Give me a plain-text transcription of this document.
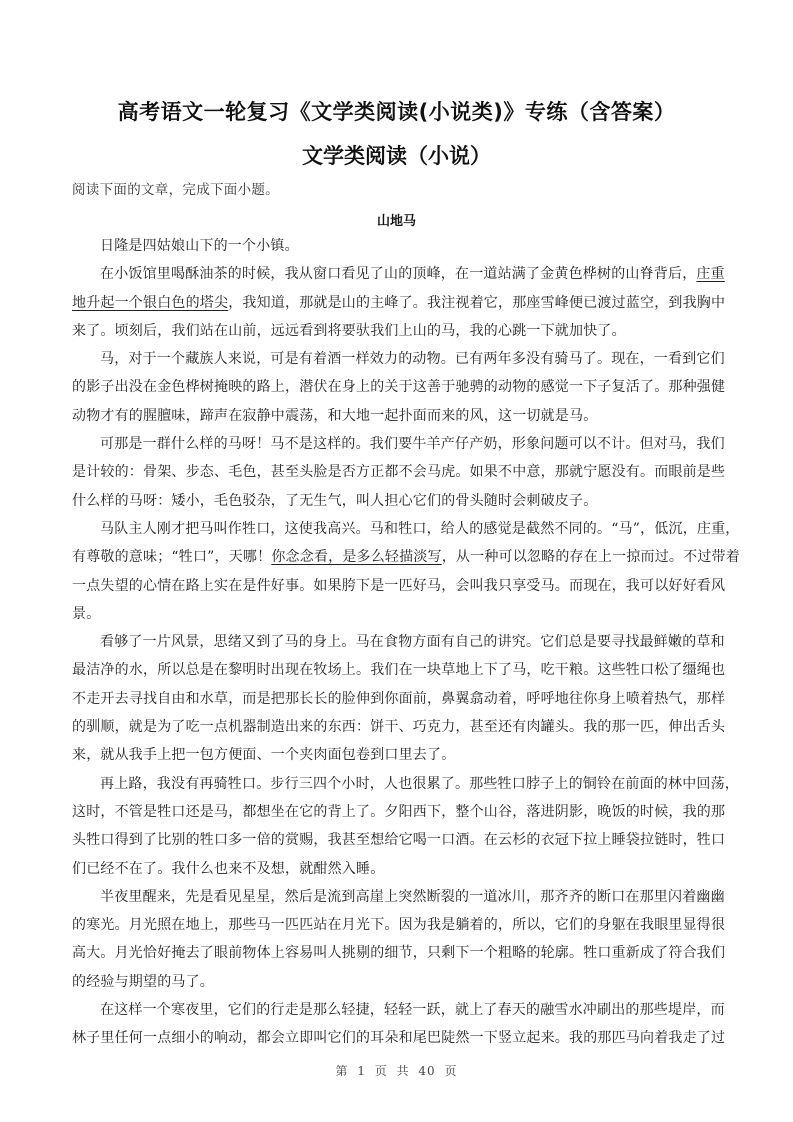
高考语文一轮复习《文学类阅读(小说类)》专练（含答案）
文学类阅读（小说）
阅读下面的文章，完成下面小题。
山地马
日隆是四姑娘山下的一个小镇。
在小饭馆里喝酥油茶的时候，我从窗口看见了山的顶峰，在一道站满了金黄色桦树的山脊背后，庄重
地升起一个银白色的塔尖，我知道，那就是山的主峰了。我注视着它，那座雪峰便已渡过蓝空，到我胸中
来了。顷刻后，我们站在山前，远远看到将要驮我们上山的马，我的心跳一下就加快了。
马，对于一个藏族人来说，可是有着酒一样效力的动物。已有两年多没有骑马了。现在，一看到它们
的影子出没在金色桦树掩映的路上，潜伏在身上的关于这善于驰骋的动物的感觉一下子复活了。那种强健
动物才有的腥膻味，蹄声在寂静中震荡，和大地一起扑面而来的风，这一切就是马。
可那是一群什么样的马呀！马不是这样的。我们要牛羊产仔产奶，形象问题可以不计。但对马，我们
是计较的：骨架、步态、毛色，甚至头脸是否方正都不会马虎。如果不中意，那就宁愿没有。而眼前是些
什么样的马呀：矮小，毛色驳杂，了无生气，叫人担心它们的骨头随时会刺破皮子。
马队主人刚才把马叫作牲口，这使我高兴。马和牲口，给人的感觉是截然不同的。“马”，低沉，庄重，
有尊敬的意味；“牲口”，天哪！你念念看，是多么轻描淡写，从一种可以忽略的存在上一掠而过。不过带着
一点失望的心情在路上实在是件好事。如果胯下是一匹好马，会叫我只享受马。而现在，我可以好好看风
景。
看够了一片风景，思绪又到了马的身上。马在食物方面有自己的讲究。它们总是要寻找最鲜嫩的草和
最洁净的水，所以总是在黎明时出现在牧场上。我们在一块草地上下了马，吃干粮。这些牲口松了缰绳也
不走开去寻找自由和水草，而是把那长长的脸伸到你面前，鼻翼翕动着，呼呼地往你身上喷着热气，那样
的驯顺，就是为了吃一点机器制造出来的东西：饼干、巧克力，甚至还有肉罐头。我的那一匹，伸出舌头
来，就从我手上把一包方便面、一个夹肉面包卷到口里去了。
再上路，我没有再骑牲口。步行三四个小时，人也很累了。那些牲口脖子上的铜铃在前面的林中回荡，
这时，不管是牲口还是马，都想坐在它的背上了。夕阳西下，整个山谷，落进阴影，晚饭的时候，我的那
头牲口得到了比别的牲口多一倍的赏赐，我甚至想给它喝一口酒。在云杉的衣冠下拉上睡袋拉链时，牲口
们已经不在了。我什么也来不及想，就酣然入睡。
半夜里醒来，先是看见星星，然后是流到高崖上突然断裂的一道冰川，那齐齐的断口在那里闪着幽幽
的寒光。月光照在地上，那些马一匹匹站在月光下。因为我是躺着的，所以，它们的身躯在我眼里显得很
高大。月光恰好掩去了眼前物体上容易叫人挑剔的细节，只剩下一个粗略的轮廓。牲口重新成了符合我们
的经验与期望的马了。
在这样一个寒夜里，它们的行走是那么轻捷，轻轻一跃，就上了春天的融雪水冲刷出的那些堤岸，而
林子里任何一点细小的响动，都会立即叫它们的耳朵和尾巴陡然一下竖立起来。我的那匹马向着我走了过
第 1 页 共 40 页
